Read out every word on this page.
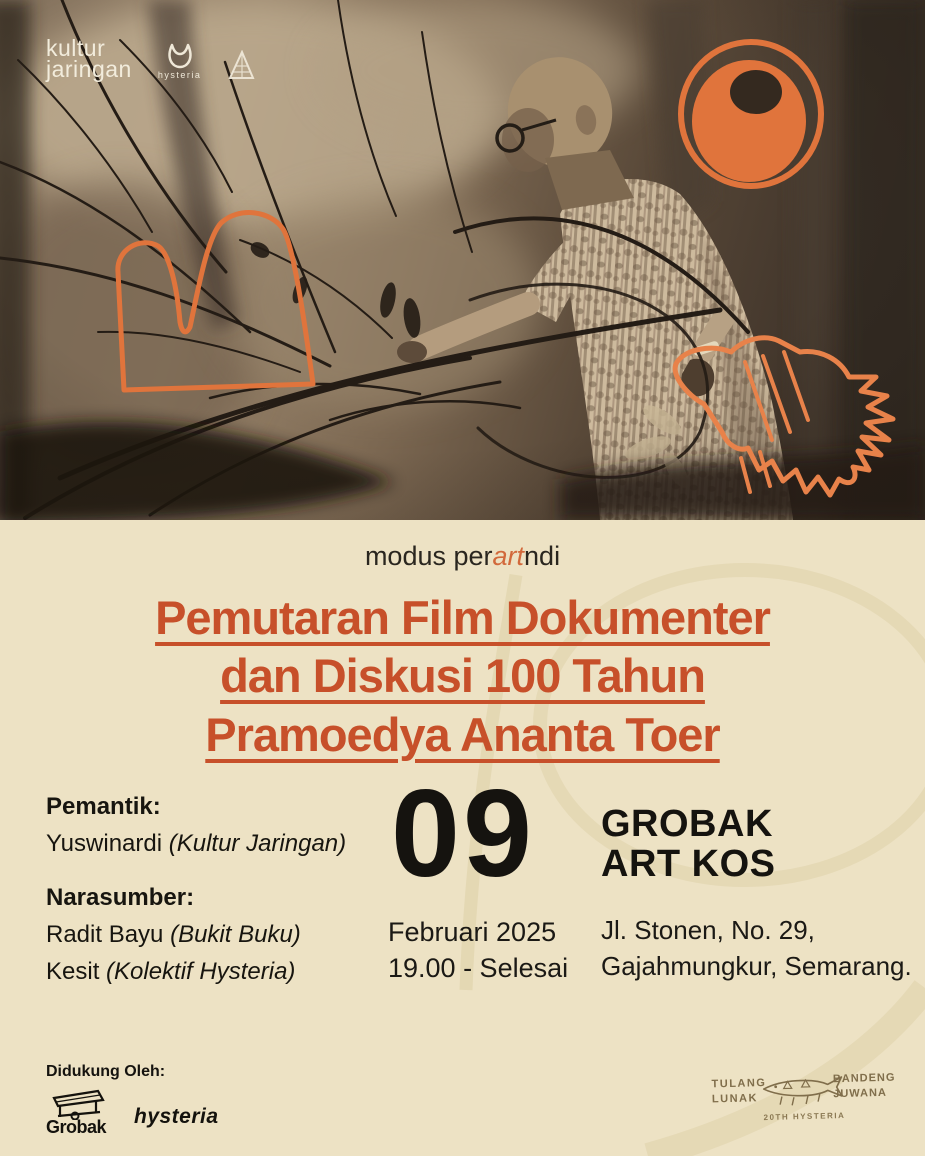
kultur
jaringan	hysteria
modus perartndi
Pemutaran Film Dokumenter
dan Diskusi 100 Tahun
Pramoedya Ananta Toer

Pemantik:

Yuswinardi (Kultur Jaringan)

Narasumber:

Radit Bayu (Bukit Buku)

Kesit (Kolektif Hysteria)

09

Februari 2025

19.00 - Selesai

GROBAK
ART KOS

Jl. Stonen, No. 29,

Gajahmungkur, Semarang.

Didukung Oleh:
Grobak hysteria
TULANG
LUNAK
BANDENG
JUWANA
20TH HYSTERIA
